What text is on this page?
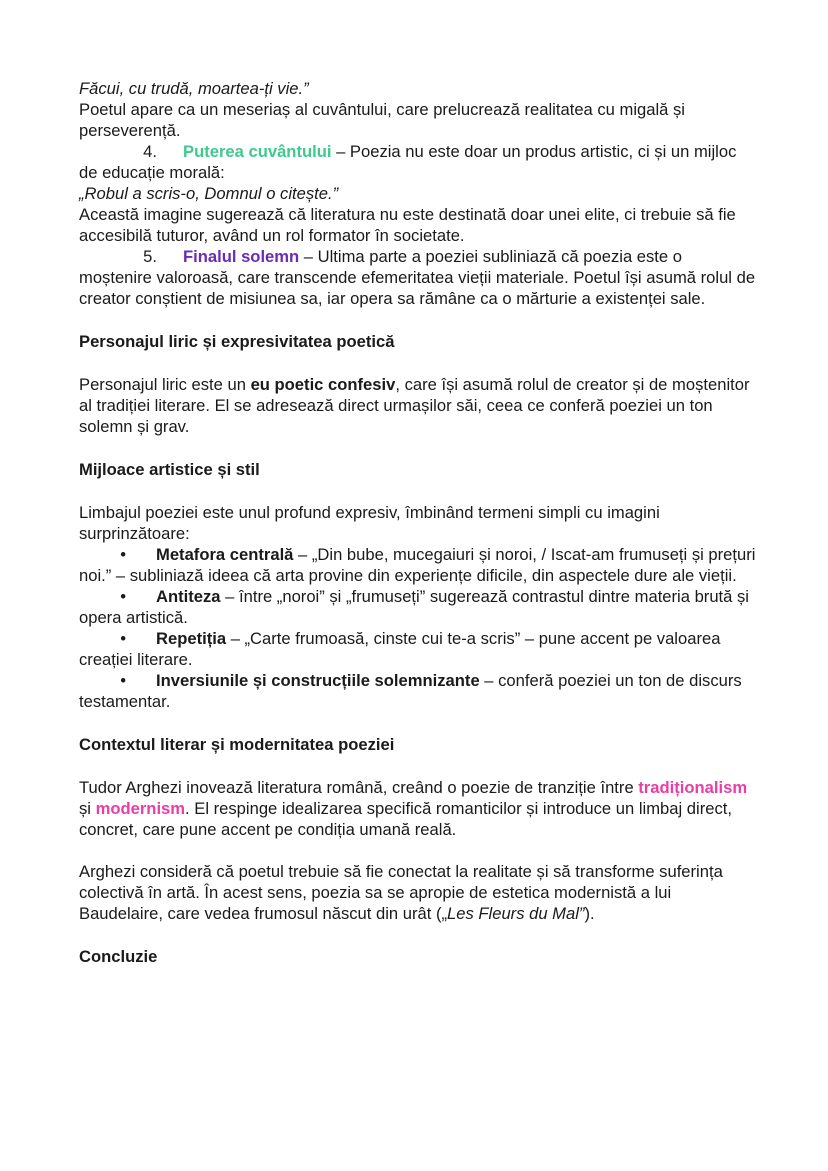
Făcui, cu trudă, moartea-ți vie.”

Poetul apare ca un meseriaș al cuvântului, care prelucrează realitatea cu migală și perseverență.

4. Puterea cuvântului – Poezia nu este doar un produs artistic, ci și un mijloc de educație morală:

„Robul a scris-o, Domnul o citește.”

Această imagine sugerează că literatura nu este destinată doar unei elite, ci trebuie să fie accesibilă tuturor, având un rol formator în societate.

5. Finalul solemn – Ultima parte a poeziei subliniază că poezia este o moștenire valoroasă, care transcende efemeritatea vieții materiale. Poetul își asumă rolul de creator conștient de misiunea sa, iar opera sa rămâne ca o mărturie a existenței sale.

Personajul liric și expresivitatea poetică

Personajul liric este un eu poetic confesiv, care își asumă rolul de creator și de moștenitor al tradiției literare. El se adresează direct urmașilor săi, ceea ce conferă poeziei un ton solemn și grav.

Mijloace artistice și stil

Limbajul poeziei este unul profund expresiv, îmbinând termeni simpli cu imagini surprinzătoare:

• Metafora centrală – „Din bube, mucegaiuri și noroi, / Iscat-am frumuseți și prețuri noi.” – subliniază ideea că arta provine din experiențe dificile, din aspectele dure ale vieții.

• Antiteza – între „noroi” și „frumuseți” sugerează contrastul dintre materia brută și opera artistică.

• Repetiția – „Carte frumoasă, cinste cui te-a scris” – pune accent pe valoarea creației literare.

• Inversiunile și construcțiile solemnizante – conferă poeziei un ton de discurs testamentar.

Contextul literar și modernitatea poeziei

Tudor Arghezi inovează literatura română, creând o poezie de tranziție între tradiționalism și modernism. El respinge idealizarea specifică romanticilor și introduce un limbaj direct, concret, care pune accent pe condiția umană reală.

Arghezi consideră că poetul trebuie să fie conectat la realitate și să transforme suferința colectivă în artă. În acest sens, poezia sa se apropie de estetica modernistă a lui Baudelaire, care vedea frumosul născut din urât („Les Fleurs du Mal”).

Concluzie
